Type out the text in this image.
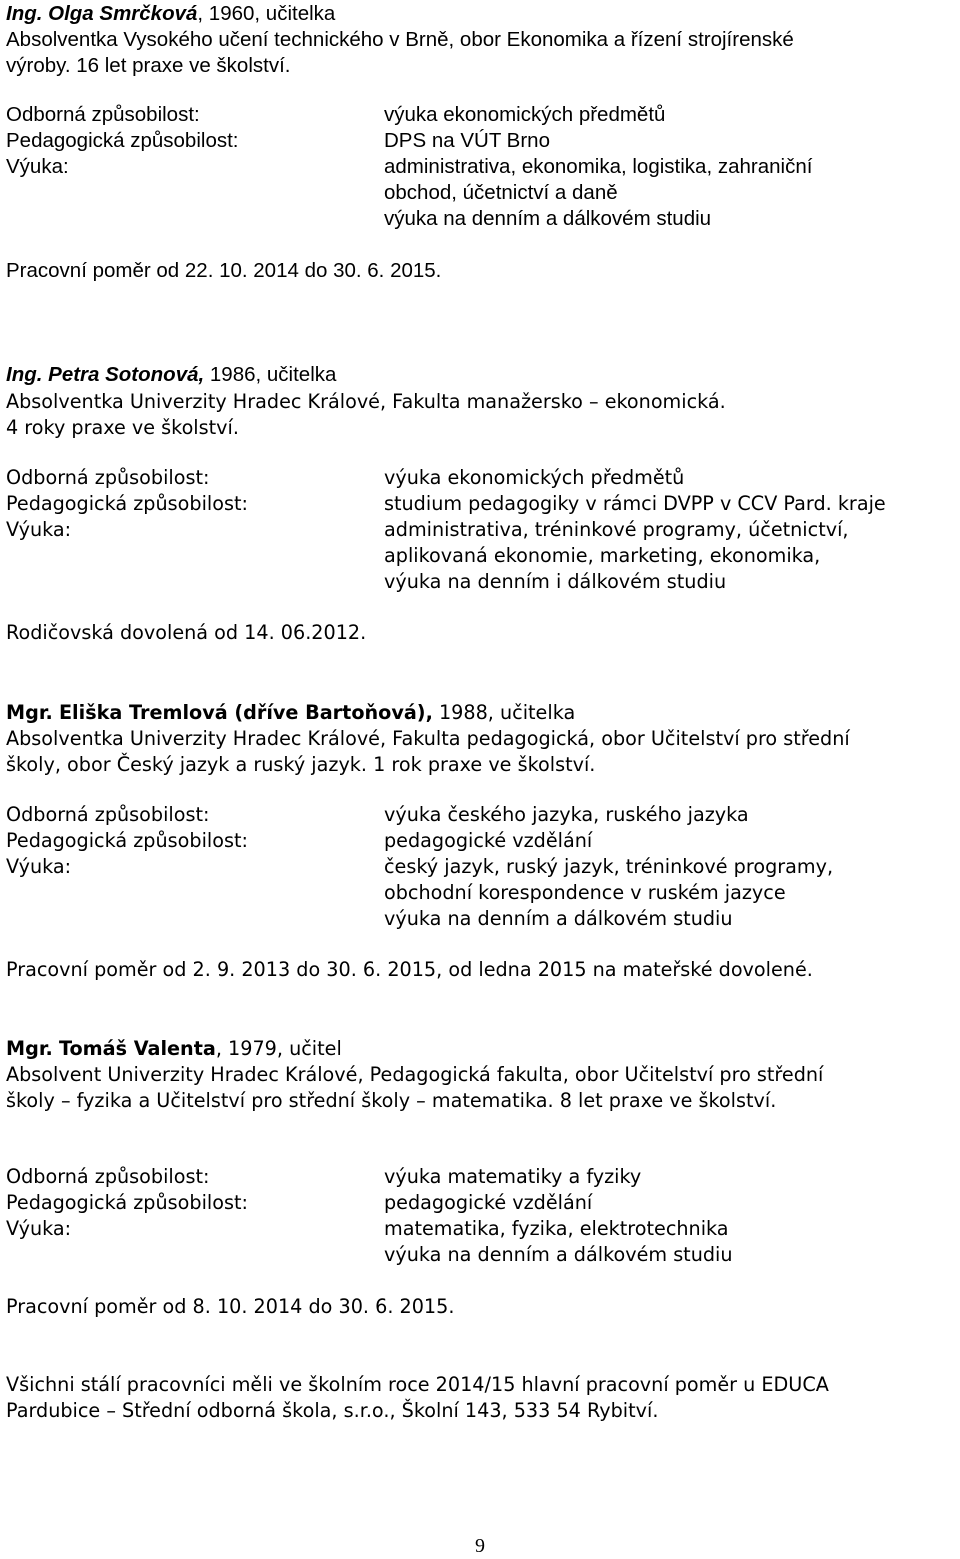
Ing. Olga Smrčková, 1960, učitelka
Absolventka Vysokého učení technického v Brně, obor Ekonomika a řízení strojírenské
výroby. 16 let praxe ve školství.
Odborná způsobilost:	výuka ekonomických předmětů
Pedagogická způsobilost:	DPS na VÚT Brno
Výuka:	administrativa, ekonomika, logistika, zahraniční
obchod, účetnictví a daně
výuka na denním a dálkovém studiu
Pracovní poměr od 22. 10. 2014 do 30. 6. 2015.
Ing. Petra Sotonová, 1986, učitelka
Absolventka Univerzity Hradec Králové, Fakulta manažersko – ekonomická.
4 roky praxe ve školství.
Odborná způsobilost:	výuka ekonomických předmětů
Pedagogická způsobilost:	studium pedagogiky v rámci DVPP v CCV Pard. kraje
Výuka:	administrativa, tréninkové programy, účetnictví,
aplikovaná ekonomie, marketing, ekonomika,
výuka na denním i dálkovém studiu
Rodičovská dovolená od 14. 06.2012.
Mgr. Eliška Tremlová (dříve Bartoňová), 1988, učitelka
Absolventka Univerzity Hradec Králové, Fakulta pedagogická, obor Učitelství pro střední
školy, obor Český jazyk a ruský jazyk. 1 rok praxe ve školství.
Odborná způsobilost:	výuka českého jazyka, ruského jazyka
Pedagogická způsobilost:	pedagogické vzdělání
Výuka:	český jazyk, ruský jazyk, tréninkové programy,
obchodní korespondence v ruském jazyce
výuka na denním a dálkovém studiu
Pracovní poměr od 2. 9. 2013 do 30. 6. 2015, od ledna 2015 na mateřské dovolené.
Mgr. Tomáš Valenta, 1979, učitel
Absolvent Univerzity Hradec Králové, Pedagogická fakulta, obor Učitelství pro střední
školy – fyzika a Učitelství pro střední školy – matematika. 8 let praxe ve školství.
Odborná způsobilost:	výuka matematiky a fyziky
Pedagogická způsobilost:	pedagogické vzdělání
Výuka:	matematika, fyzika, elektrotechnika
výuka na denním a dálkovém studiu
Pracovní poměr od 8. 10. 2014 do 30. 6. 2015.
Všichni stálí pracovníci měli ve školním roce 2014/15 hlavní pracovní poměr u EDUCA
Pardubice – Střední odborná škola, s.r.o., Školní 143, 533 54 Rybitví.
9
